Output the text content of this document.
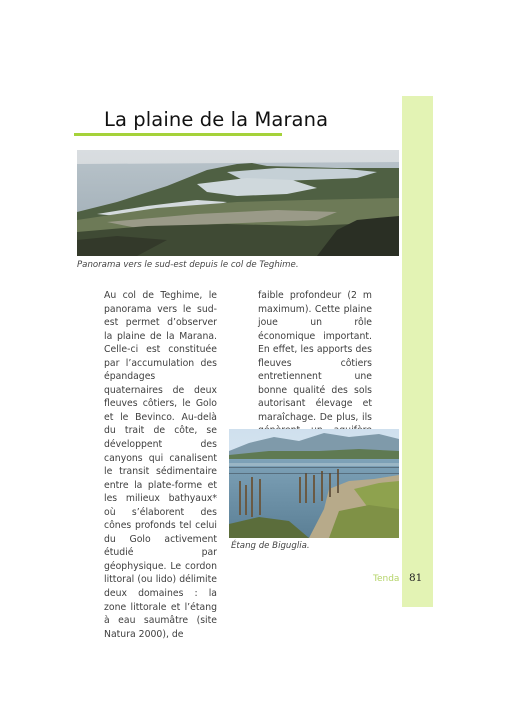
La plaine de la Marana
Panorama vers le sud-est depuis le col de Teghime.

Au col de Teghime, le panorama vers le sud-est permet d’observer la plaine de la Marana. Celle-ci est constituée par l’accumulation des épandages quaternaires de deux fleuves côtiers, le Golo et le Bevinco. Au-delà du trait de côte, se développent des canyons qui canalisent le transit sédimentaire entre la plate-forme et les milieux bathyaux* où s’élaborent des cônes profonds tel celui du Golo activement étudié par géophysique. Le cordon littoral (ou lido) délimite deux domaines : la zone littorale et l’étang à eau saumâtre (site Natura 2000), de

faible profondeur (2 m maximum). Cette plaine joue un rôle économique important. En effet, les apports des fleuves côtiers entretiennent une bonne qualité des sols autorisant élevage et maraîchage. De plus, ils

Étang de Biguglia.
Tenda 81
